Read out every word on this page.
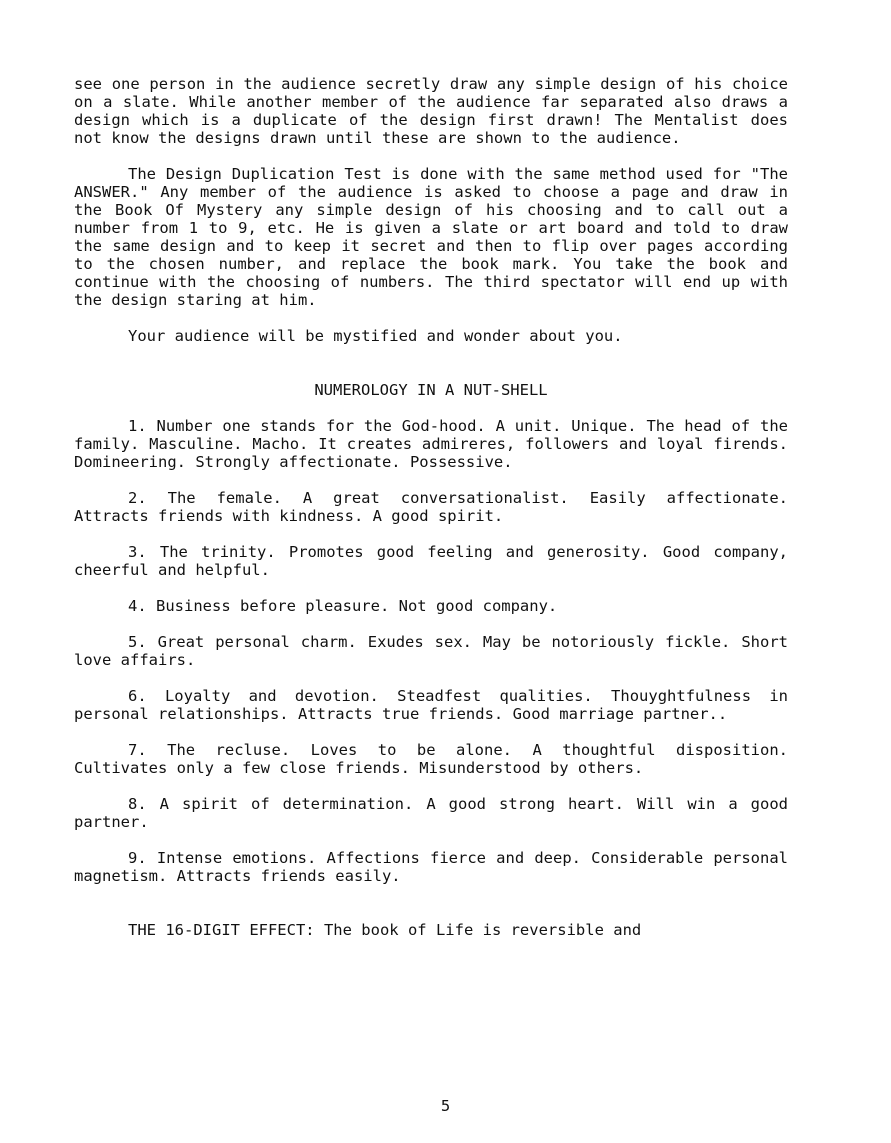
see one person in the audience secretly draw any simple design of his choice on a slate. While another member of the audience far separated also draws a design which is a duplicate of the design first drawn! The Mentalist does not know the designs drawn until these are shown to the audience.

The Design Duplication Test is done with the same method used for "The ANSWER." Any member of the audience is asked to choose a page and draw in the Book Of Mystery any simple design of his choosing and to call out a number from 1 to 9, etc. He is given a slate or art board and told to draw the same design and to keep it secret and then to flip over pages according to the chosen number, and replace the book mark. You take the book and continue with the choosing of numbers. The third spectator will end up with the design staring at him.

Your audience will be mystified and wonder about you.

NUMEROLOGY IN A NUT-SHELL

1. Number one stands for the God-hood. A unit. Unique. The head of the family. Masculine. Macho. It creates admireres, followers and loyal firends. Domineering. Strongly affectionate. Possessive.

2. The female. A great conversationalist. Easily affectionate. Attracts friends with kindness. A good spirit.

3. The trinity. Promotes good feeling and generosity. Good company, cheerful and helpful.

4. Business before pleasure. Not good company.

5. Great personal charm. Exudes sex. May be notoriously fickle. Short love affairs.

6. Loyalty and devotion. Steadfest qualities. Thouyghtfulness in personal relationships. Attracts true friends. Good marriage partner..

7. The recluse. Loves to be alone. A thoughtful disposition. Cultivates only a few close friends. Misunderstood by others.

8. A spirit of determination. A good strong heart. Will win a good partner.

9. Intense emotions. Affections fierce and deep. Considerable personal magnetism. Attracts friends easily.

THE 16-DIGIT EFFECT: The book of Life is reversible and

5
